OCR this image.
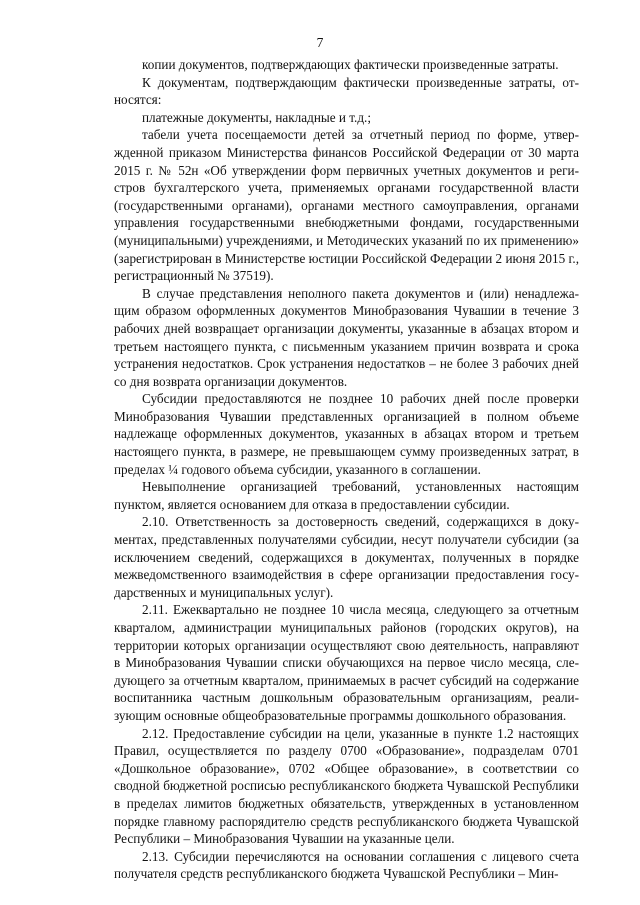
7

копии документов, подтверждающих фактически произведенные затраты.

К документам, подтверждающим фактически произведенные затраты, относятся:

платежные документы, накладные и т.д.;

табели учета посещаемости детей за отчетный период по форме, утвержденной приказом Министерства финансов Российской Федерации от 30 марта 2015 г. № 52н «Об утверждении форм первичных учетных документов и регистров бухгалтерского учета, применяемых органами государственной власти (государственными органами), органами местного самоуправления, органами управления государственными внебюджетными фондами, государственными (муниципальными) учреждениями, и Методических указаний по их применению» (зарегистрирован в Министерстве юстиции Российской Федерации 2 июня 2015 г., регистрационный № 37519).

В случае представления неполного пакета документов и (или) ненадлежащим образом оформленных документов Минобразования Чувашии в течение 3 рабочих дней возвращает организации документы, указанные в абзацах втором и третьем настоящего пункта, с письменным указанием причин возврата и срока устранения недостатков. Срок устранения недостатков – не более 3 рабочих дней со дня возврата организации документов.

Субсидии предоставляются не позднее 10 рабочих дней после проверки Минобразования Чувашии представленных организацией в полном объеме надлежаще оформленных документов, указанных в абзацах втором и третьем настоящего пункта, в размере, не превышающем сумму произведенных затрат, в пределах ¼ годового объема субсидии, указанного в соглашении.

Невыполнение организацией требований, установленных настоящим пунктом, является основанием для отказа в предоставлении субсидии.

2.10. Ответственность за достоверность сведений, содержащихся в документах, представленных получателями субсидии, несут получатели субсидии (за исключением сведений, содержащихся в документах, полученных в порядке межведомственного взаимодействия в сфере организации предоставления государственных и муниципальных услуг).

2.11. Ежеквартально не позднее 10 числа месяца, следующего за отчетным кварталом, администрации муниципальных районов (городских округов), на территории которых организации осуществляют свою деятельность, направляют в Минобразования Чувашии списки обучающихся на первое число месяца, следующего за отчетным кварталом, принимаемых в расчет субсидий на содержание воспитанника частным дошкольным образовательным организациям, реализующим основные общеобразовательные программы дошкольного образования.

2.12. Предоставление субсидии на цели, указанные в пункте 1.2 настоящих Правил, осуществляется по разделу 0700 «Образование», подразделам 0701 «Дошкольное образование», 0702 «Общее образование», в соответствии со сводной бюджетной росписью республиканского бюджета Чувашской Республики в пределах лимитов бюджетных обязательств, утвержденных в установленном порядке главному распорядителю средств республиканского бюджета Чувашской Республики – Минобразования Чувашии на указанные цели.

2.13. Субсидии перечисляются на основании соглашения с лицевого счета получателя средств республиканского бюджета Чувашской Республики – Мин-
